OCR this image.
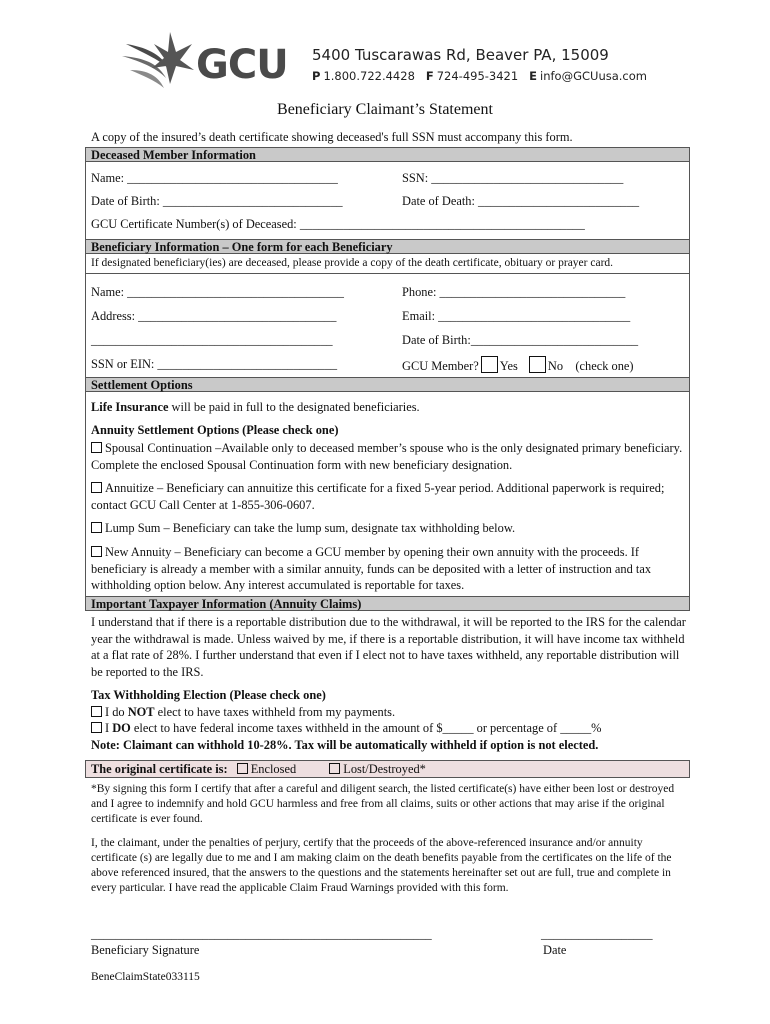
GCU 5400 Tuscarawas Rd, Beaver PA, 15009
P 1.800.722.4428 F 724-495-3421 E info@GCUusa.com
Beneficiary Claimant’s Statement
A copy of the insured’s death certificate showing deceased's full SSN must accompany this form.
Deceased Member Information
Name: __________________________________	SSN: _______________________________
Date of Birth: _____________________________	Date of Death: __________________________
GCU Certificate Number(s) of Deceased: ______________________________________________
Beneficiary Information – One form for each Beneficiary
If designated beneficiary(ies) are deceased, please provide a copy of the death certificate, obituary or prayer card.
Name: ___________________________________	Phone: ______________________________
Address: ________________________________	Email: _______________________________
_______________________________________	Date of Birth:___________________________
SSN or EIN: _____________________________	GCU Member? Yes No (check one)
Settlement Options
Life Insurance will be paid in full to the designated beneficiaries.
Annuity Settlement Options (Please check one)
Spousal Continuation –Available only to deceased member’s spouse who is the only designated primary beneficiary. Complete the enclosed Spousal Continuation form with new beneficiary designation.
Annuitize – Beneficiary can annuitize this certificate for a fixed 5-year period. Additional paperwork is required; contact GCU Call Center at 1-855-306-0607.
Lump Sum – Beneficiary can take the lump sum, designate tax withholding below.
New Annuity – Beneficiary can become a GCU member by opening their own annuity with the proceeds. If beneficiary is already a member with a similar annuity, funds can be deposited with a letter of instruction and tax withholding option below. Any interest accumulated is reportable for taxes.
Important Taxpayer Information (Annuity Claims)
I understand that if there is a reportable distribution due to the withdrawal, it will be reported to the IRS for the calendar year the withdrawal is made. Unless waived by me, if there is a reportable distribution, it will have income tax withheld at a flat rate of 28%. I further understand that even if I elect not to have taxes withheld, any reportable distribution will be reported to the IRS.
Tax Withholding Election (Please check one)
I do NOT elect to have taxes withheld from my payments.
I DO elect to have federal income taxes withheld in the amount of $_____ or percentage of _____%
Note: Claimant can withhold 10-28%. Tax will be automatically withheld if option is not elected.
The original certificate is: Enclosed	Lost/Destroyed*
*By signing this form I certify that after a careful and diligent search, the listed certificate(s) have either been lost or destroyed and I agree to indemnify and hold GCU harmless and free from all claims, suits or other actions that may arise if the original certificate is ever found.
I, the claimant, under the penalties of perjury, certify that the proceeds of the above-referenced insurance and/or annuity certificate (s) are legally due to me and I am making claim on the death benefits payable from the certificates on the life of the above referenced insured, that the answers to the questions and the statements hereinafter set out are full, true and complete in every particular. I have read the applicable Claim Fraud Warnings provided with this form.
_______________________________________________________	__________________
Beneficiary Signature	Date
BeneClaimState033115
